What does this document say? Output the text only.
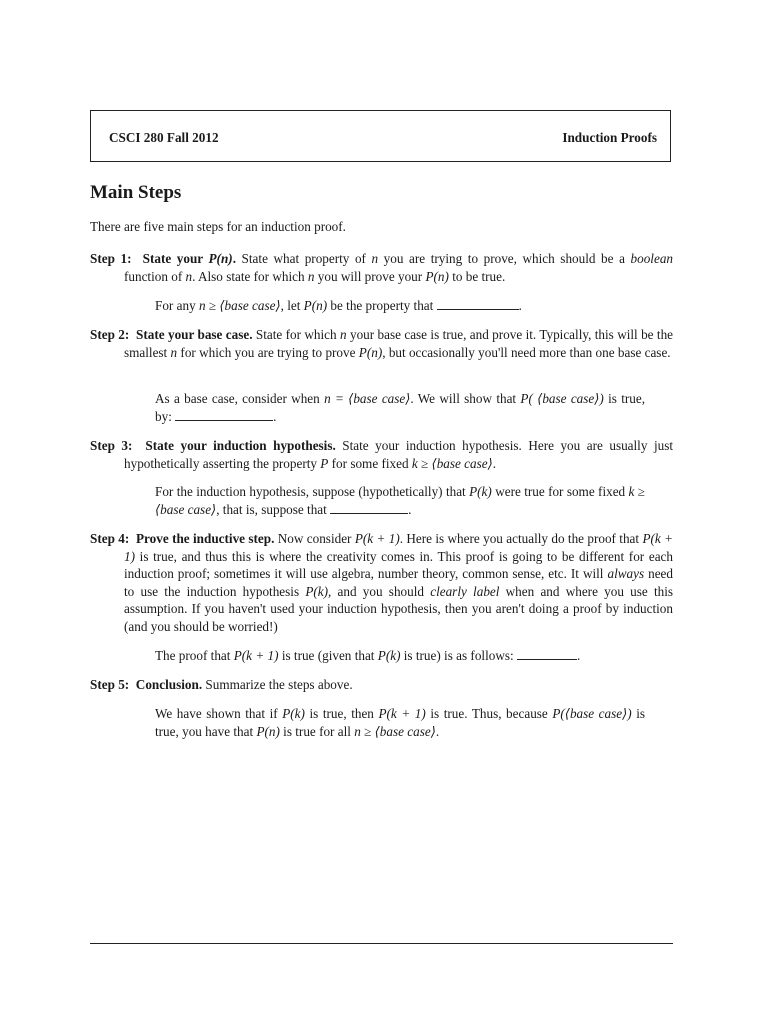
CSCI 280 Fall 2012	Induction Proofs
Main Steps
There are five main steps for an induction proof.
Step 1: State your P(n). State what property of n you are trying to prove, which should be a boolean function of n. Also state for which n you will prove your P(n) to be true.
For any n ≥ ⟨base case⟩, let P(n) be the property that	.
Step 2: State your base case. State for which n your base case is true, and prove it. Typically, this will be the smallest n for which you are trying to prove P(n), but occasionally you'll need more than one base case.
As a base case, consider when n = ⟨base case⟩. We will show that P( ⟨base case⟩) is true, by:	.
Step 3: State your induction hypothesis. State your induction hypothesis. Here you are usually just hypothetically asserting the property P for some fixed k ≥ ⟨base case⟩.
For the induction hypothesis, suppose (hypothetically) that P(k) were true for some fixed k ≥ ⟨base case⟩, that is, suppose that	.
Step 4: Prove the inductive step. Now consider P(k + 1). Here is where you actually do the proof that P(k + 1) is true, and thus this is where the creativity comes in. This proof is going to be different for each induction proof; sometimes it will use algebra, number theory, common sense, etc. It will always need to use the induction hypothesis P(k), and you should clearly label when and where you use this assumption. If you haven't used your induction hypothesis, then you aren't doing a proof by induction (and you should be worried!)
The proof that P(k + 1) is true (given that P(k) is true) is as follows:	.
Step 5: Conclusion. Summarize the steps above.
We have shown that if P(k) is true, then P(k + 1) is true. Thus, because P(⟨base case⟩) is true, you have that P(n) is true for all n ≥ ⟨base case⟩.
